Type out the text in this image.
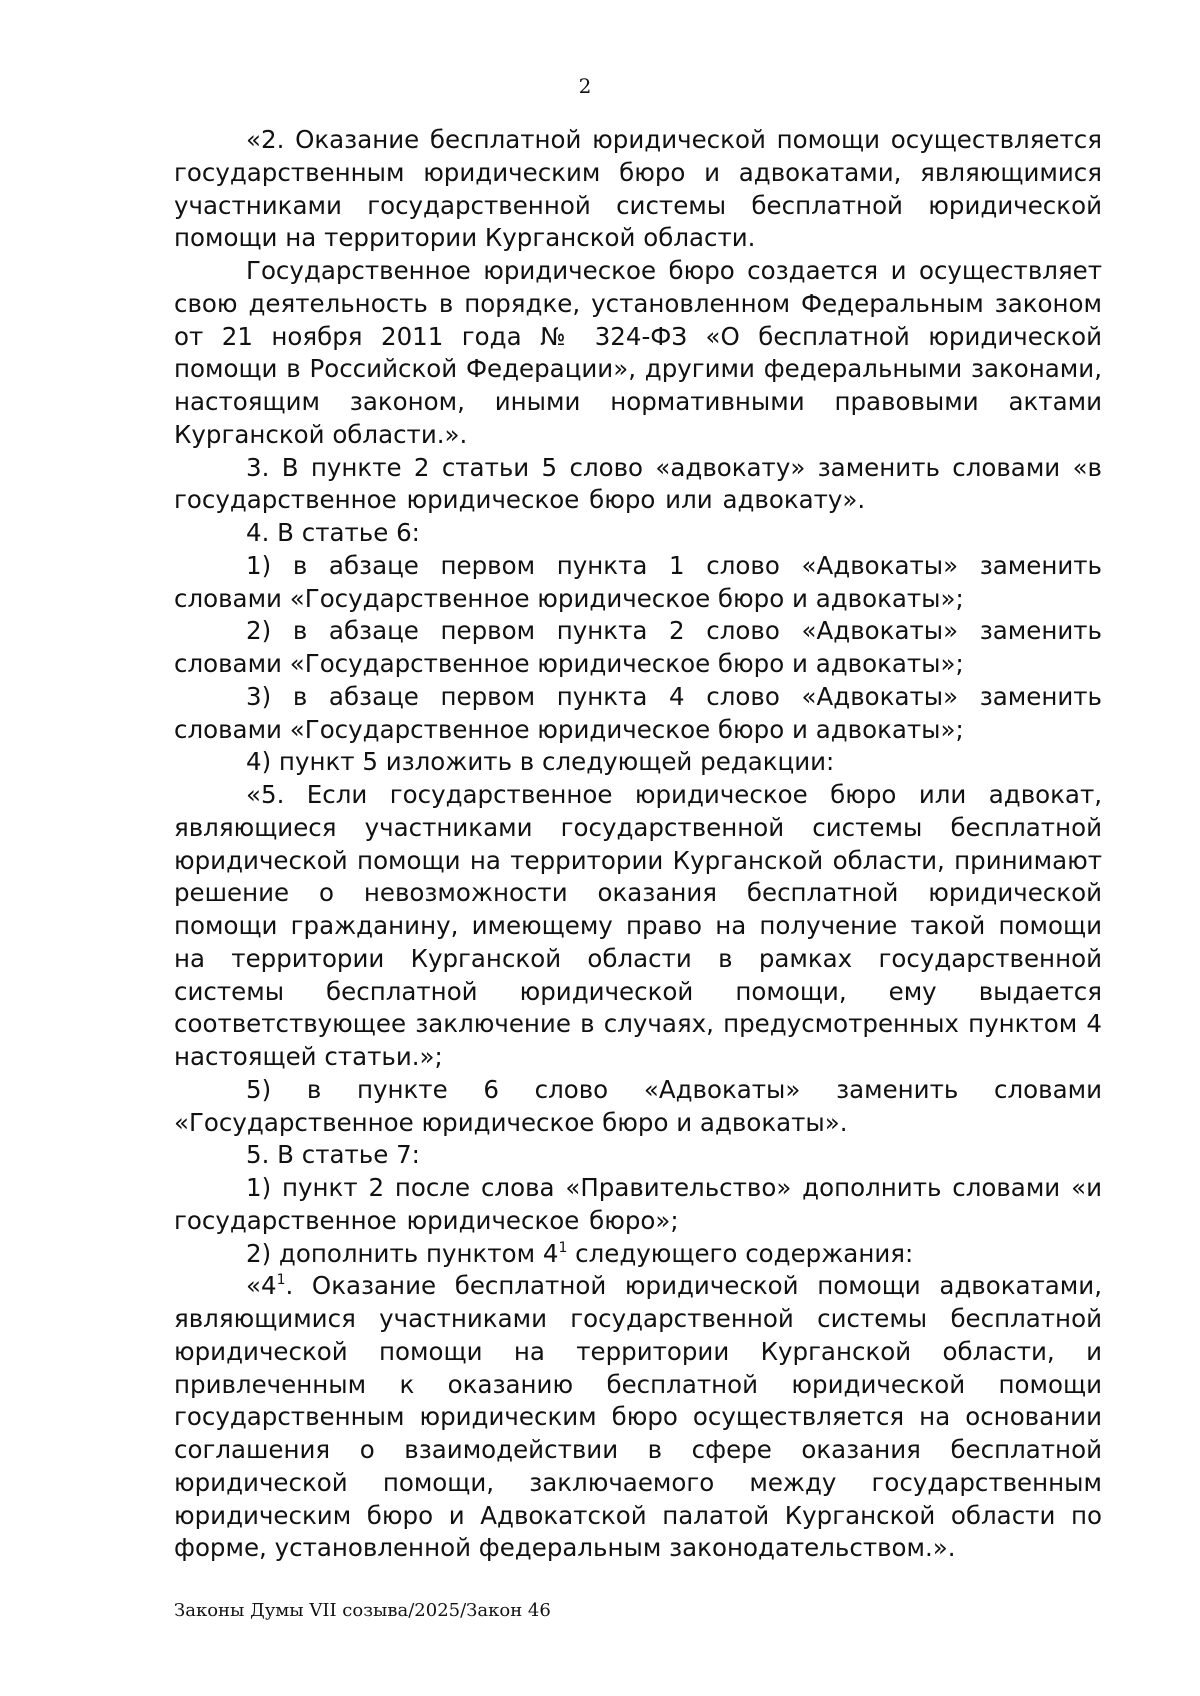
2

«2. Оказание бесплатной юридической помощи осуществляется государственным юридическим бюро и адвокатами, являющимися участниками государственной системы бесплатной юридической помощи на территории Курганской области.

Государственное юридическое бюро создается и осуществляет свою деятельность в порядке, установленном Федеральным законом от 21 ноября 2011 года № 324-ФЗ «О бесплатной юридической помощи в Российской Федерации», другими федеральными законами, настоящим законом, иными нормативными правовыми актами Курганской области.».

3. В пункте 2 статьи 5 слово «адвокату» заменить словами «в государственное юридическое бюро или адвокату».

4. В статье 6:

1) в абзаце первом пункта 1 слово «Адвокаты» заменить словами «Государственное юридическое бюро и адвокаты»;

2) в абзаце первом пункта 2 слово «Адвокаты» заменить словами «Государственное юридическое бюро и адвокаты»;

3) в абзаце первом пункта 4 слово «Адвокаты» заменить словами «Государственное юридическое бюро и адвокаты»;

4) пункт 5 изложить в следующей редакции:

«5. Если государственное юридическое бюро или адвокат, являющиеся участниками государственной системы бесплатной юридической помощи на территории Курганской области, принимают решение о невозможности оказания бесплатной юридической помощи гражданину, имеющему право на получение такой помощи на территории Курганской области в рамках государственной системы бесплатной юридической помощи, ему выдается соответствующее заключение в случаях, предусмотренных пунктом 4 настоящей статьи.»;

5) в пункте 6 слово «Адвокаты» заменить словами «Государственное юридическое бюро и адвокаты».

5. В статье 7:

1) пункт 2 после слова «Правительство» дополнить словами «и государственное юридическое бюро»;

2) дополнить пунктом $4^1$ следующего содержания:

«$4^1$. Оказание бесплатной юридической помощи адвокатами, являющимися участниками государственной системы бесплатной юридической помощи на территории Курганской области, и привлеченным к оказанию бесплатной юридической помощи государственным юридическим бюро осуществляется на основании соглашения о взаимодействии в сфере оказания бесплатной юридической помощи, заключаемого между государственным юридическим бюро и Адвокатской палатой Курганской области по форме, установленной федеральным законодательством.».

Законы Думы VII созыва/2025/Закон 46
